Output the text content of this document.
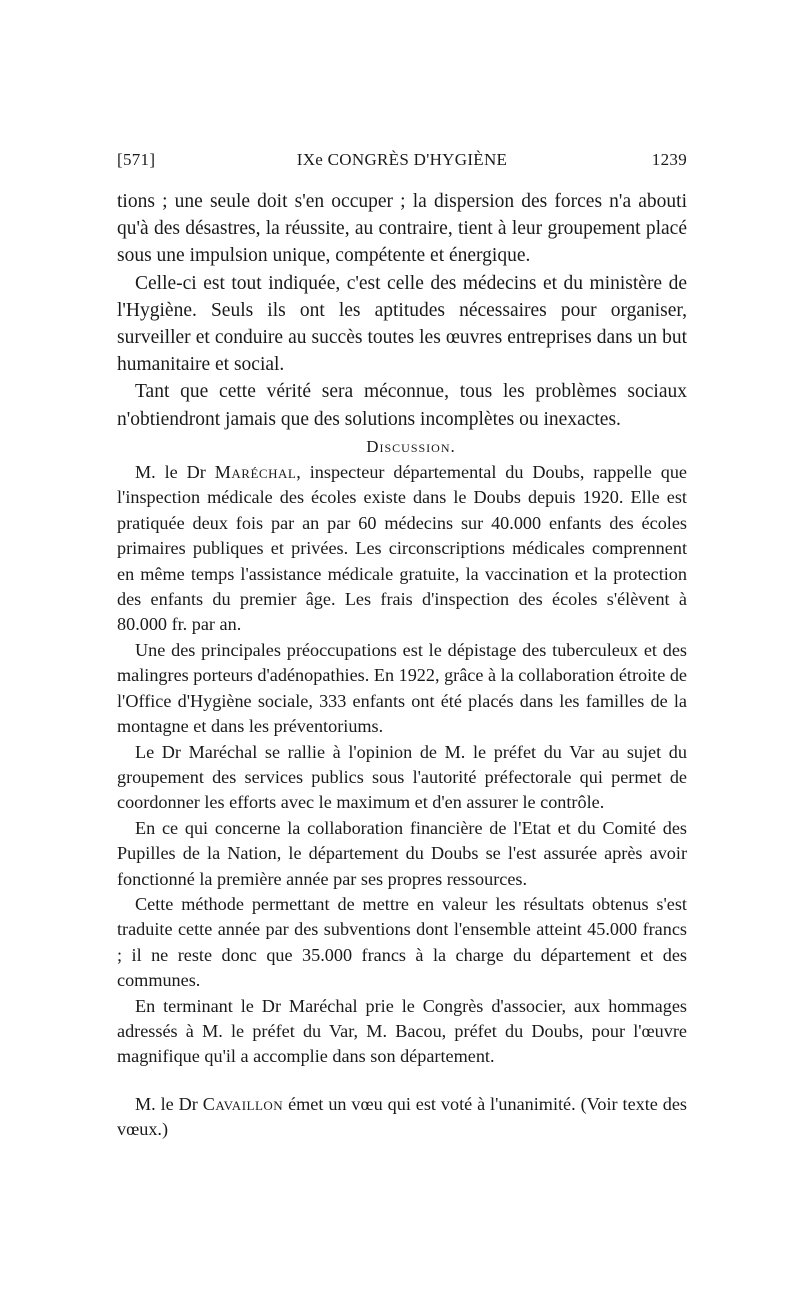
[571]	IXe CONGRÈS D'HYGIÈNE	1239

tions ; une seule doit s'en occuper ; la dispersion des forces n'a abouti qu'à des désastres, la réussite, au contraire, tient à leur groupement placé sous une impulsion unique, compétente et énergique.

Celle-ci est tout indiquée, c'est celle des médecins et du ministère de l'Hygiène. Seuls ils ont les aptitudes nécessaires pour organiser, surveiller et conduire au succès toutes les œuvres entreprises dans un but humanitaire et social.

Tant que cette vérité sera méconnue, tous les problèmes sociaux n'obtiendront jamais que des solutions incomplètes ou inexactes.

Discussion.

M. le Dr Maréchal, inspecteur départemental du Doubs, rappelle que l'inspection médicale des écoles existe dans le Doubs depuis 1920. Elle est pratiquée deux fois par an par 60 médecins sur 40.000 enfants des écoles primaires publiques et privées. Les circonscriptions médicales comprennent en même temps l'assistance médicale gratuite, la vaccination et la protection des enfants du premier âge. Les frais d'inspection des écoles s'élèvent à 80.000 fr. par an.

Une des principales préoccupations est le dépistage des tuberculeux et des malingres porteurs d'adénopathies. En 1922, grâce à la collaboration étroite de l'Office d'Hygiène sociale, 333 enfants ont été placés dans les familles de la montagne et dans les préventoriums.

Le Dr Maréchal se rallie à l'opinion de M. le préfet du Var au sujet du groupement des services publics sous l'autorité préfectorale qui permet de coordonner les efforts avec le maximum et d'en assurer le contrôle.

En ce qui concerne la collaboration financière de l'Etat et du Comité des Pupilles de la Nation, le département du Doubs se l'est assurée après avoir fonctionné la première année par ses propres ressources.

Cette méthode permettant de mettre en valeur les résultats obtenus s'est traduite cette année par des subventions dont l'ensemble atteint 45.000 francs ; il ne reste donc que 35.000 francs à la charge du département et des communes.

En terminant le Dr Maréchal prie le Congrès d'associer, aux hommages adressés à M. le préfet du Var, M. Bacou, préfet du Doubs, pour l'œuvre magnifique qu'il a accomplie dans son département.

M. le Dr Cavaillon émet un vœu qui est voté à l'unanimité. (Voir texte des vœux.)
